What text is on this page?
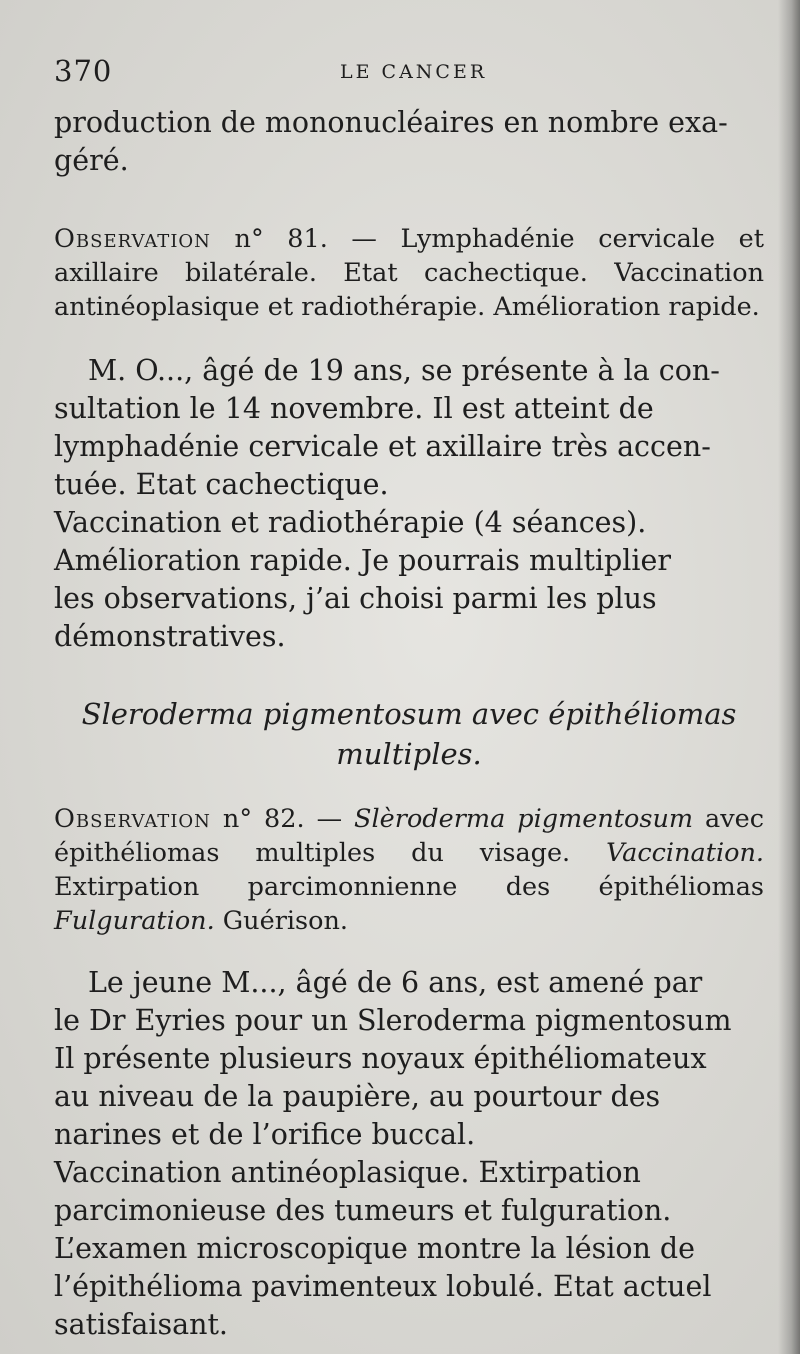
370	LE CANCER

production de mononucléaires en nombre exa-
géré.

Observation n° 81. — Lymphadénie cervicale et axillaire bilatérale. Etat cachectique. Vaccination antinéoplasique et radiothérapie. Amélioration rapide.

M. O..., âgé de 19 ans, se présente à la con-
sultation le 14 novembre. Il est atteint de
lymphadénie cervicale et axillaire très accen-
tuée. Etat cachectique.
Vaccination et radiothérapie (4 séances).
Amélioration rapide. Je pourrais multiplier
les observations, j’ai choisi parmi les plus
démonstratives.

Sleroderma pigmentosum avec épithéliomas
multiples.

Observation n° 82. — Slèroderma pigmentosum avec épithéliomas multiples du visage. Vaccination. Extirpation parcimonnienne des épithéliomas Fulguration. Guérison.

Le jeune M..., âgé de 6 ans, est amené par
le Dr Eyries pour un Sleroderma pigmentosum
Il présente plusieurs noyaux épithéliomateux
au niveau de la paupière, au pourtour des
narines et de l’orifice buccal.
Vaccination antinéoplasique. Extirpation
parcimonieuse des tumeurs et fulguration.
L’examen microscopique montre la lésion de
l’épithélioma pavimenteux lobulé. Etat actuel
satisfaisant.
